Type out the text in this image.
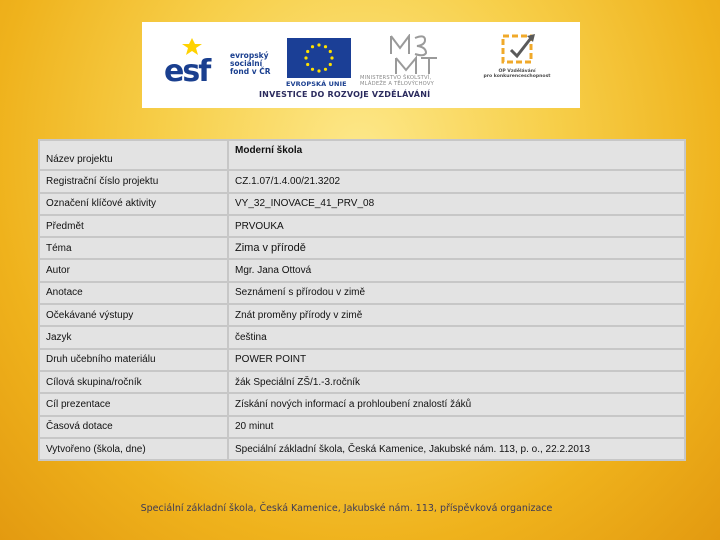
esf	evropský
sociální
fond v ČR
EVROPSKÁ UNIE
MINISTERSTVO ŠKOLSTVÍ,
MLÁDEŽE A TĚLOVÝCHOVY
OP Vzdělávání
pro konkurenceschopnost
INVESTICE DO ROZVOJE VZDĚLÁVÁNÍ
Název projektu	Moderní škola
Registrační číslo projektu	CZ.1.07/1.4.00/21.3202
Označení klíčové aktivity	VY_32_INOVACE_41_PRV_08
Předmět	PRVOUKA
Téma	Zima v přírodě
Autor	Mgr. Jana Ottová
Anotace	Seznámení s přírodou v zimě
Očekávané výstupy	Znát proměny přírody v zimě
Jazyk	čeština
Druh učebního materiálu	POWER POINT
Cílová skupina/ročník	žák Speciální ZŠ/1.-3.ročník
Cíl prezentace	Získání nových informací a prohloubení znalostí žáků
Časová dotace	20 minut
Vytvořeno (škola, dne)	Speciální základní škola, Česká Kamenice, Jakubské nám. 113, p. o., 22.2.2013
Speciální základní škola, Česká Kamenice, Jakubské nám. 113, příspěvková organizace
